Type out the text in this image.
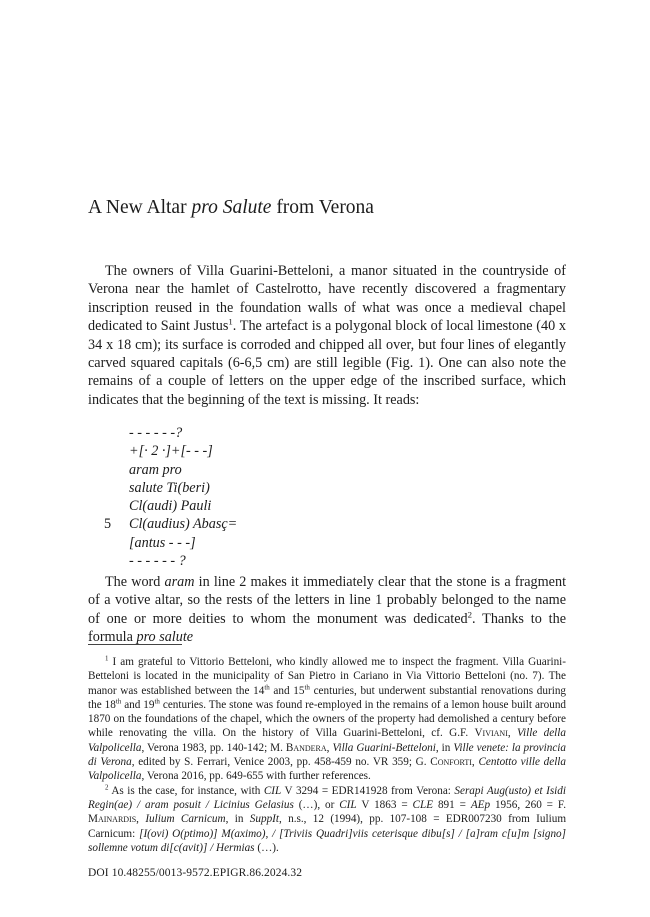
A New Altar pro Salute from Verona

The owners of Villa Guarini-Betteloni, a manor situated in the countryside of Verona near the hamlet of Castelrotto, have recently discovered a fragmentary inscription reused in the foundation walls of what was once a medieval chapel dedicated to Saint Justus$^1$. The artefact is a polygonal block of local limestone (40 x 34 x 18 cm); its surface is corroded and chipped all over, but four lines of elegantly carved squared capitals (6-6,5 cm) are still legible (Fig. 1). One can also note the remains of a couple of letters on the upper edge of the inscribed surface, which indicates that the beginning of the text is missing. It reads:

- - - - - -?
+[· 2 ·]+[- - -]
aram pro
salute Ti(beri)
Cl(audi) Pauli
5 Cl(audius) Abasç=
[antus - - -]
- - - - - - ?

The word aram in line 2 makes it immediately clear that the stone is a fragment of a votive altar, so the rests of the letters in line 1 probably belonged to the name of one or more deities to whom the monument was dedicated$^2$. Thanks to the formula pro salute

$^1$ I am grateful to Vittorio Betteloni, who kindly allowed me to inspect the fragment. Villa Guarini-Betteloni is located in the municipality of San Pietro in Cariano in Via Vittorio Betteloni (no. 7). The manor was established between the 14th and 15th centuries, but underwent substantial renovations during the 18th and 19th centuries. The stone was found re-employed in the remains of a lemon house built around 1870 on the foundations of the chapel, which the owners of the property had demolished a century before while renovating the villa. On the history of Villa Guarini-Betteloni, cf. G.F. Viviani, Ville della Valpolicella, Verona 1983, pp. 140-142; M. Bandera, Villa Guarini-Betteloni, in Ville venete: la provincia di Verona, edited by S. Ferrari, Venice 2003, pp. 458-459 no. VR 359; G. Conforti, Centotto ville della Valpolicella, Verona 2016, pp. 649-655 with further references.

$^2$ As is the case, for instance, with CIL V 3294 = EDR141928 from Verona: Serapi Aug(usto) et Isidi Regin(ae) / aram posuit / Licinius Gelasius (…), or CIL V 1863 = CLE 891 = AEp 1956, 260 = F. Mainardis, Iulium Carnicum, in SuppIt, n.s., 12 (1994), pp. 107-108 = EDR007230 from Iulium Carnicum: [I(ovi) O(ptimo)] M(aximo), / [Triviis Quadri]viis ceterisque dibu[s] / [a]ram c[u]m [signo] sollemne votum di[c(avit)] / Hermias (…).

DOI 10.48255/0013-9572.EPIGR.86.2024.32
